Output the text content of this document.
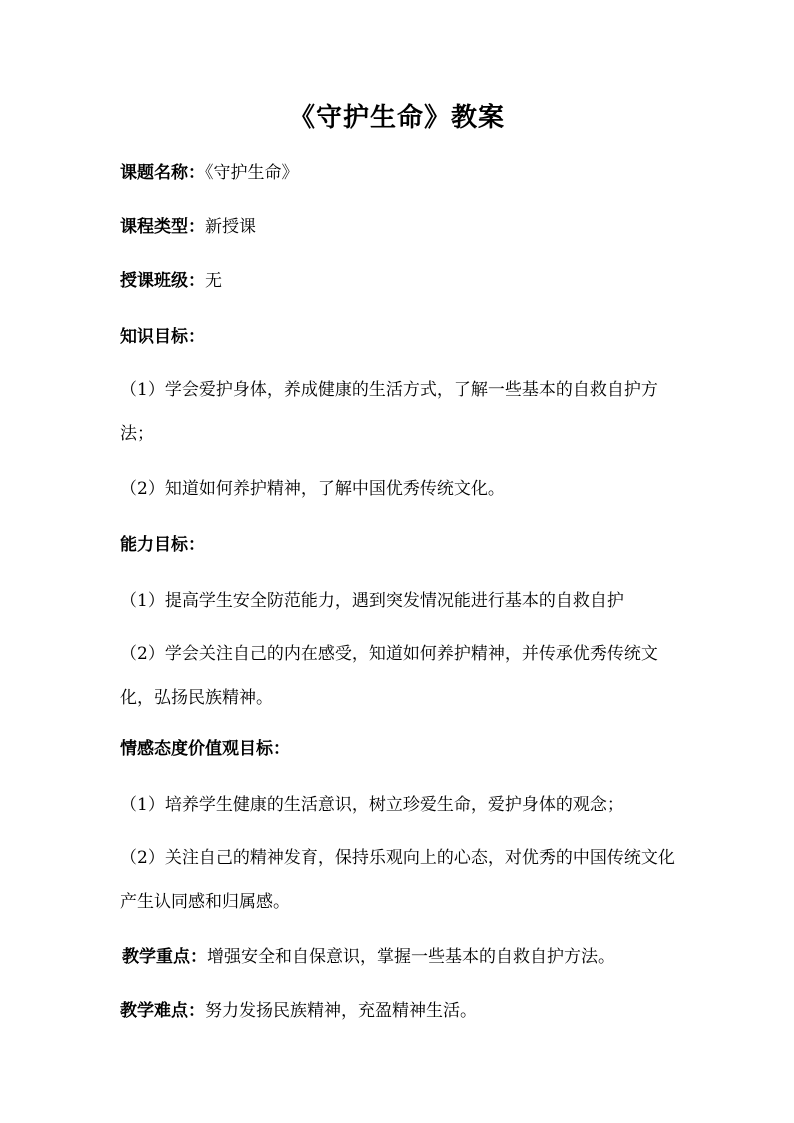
《守护生命》教案
课题名称：《守护生命》
课程类型：新授课
授课班级：无
知识目标：
（1）学会爱护身体，养成健康的生活方式，了解一些基本的自救自护方法；
（2）知道如何养护精神，了解中国优秀传统文化。
能力目标：
（1）提高学生安全防范能力，遇到突发情况能进行基本的自救自护
（2）学会关注自己的内在感受，知道如何养护精神，并传承优秀传统文化，弘扬民族精神。
情感态度价值观目标：
（1）培养学生健康的生活意识，树立珍爱生命，爱护身体的观念；
（2）关注自己的精神发育，保持乐观向上的心态，对优秀的中国传统文化产生认同感和归属感。
教学重点：增强安全和自保意识，掌握一些基本的自救自护方法。
教学难点：努力发扬民族精神，充盈精神生活。
